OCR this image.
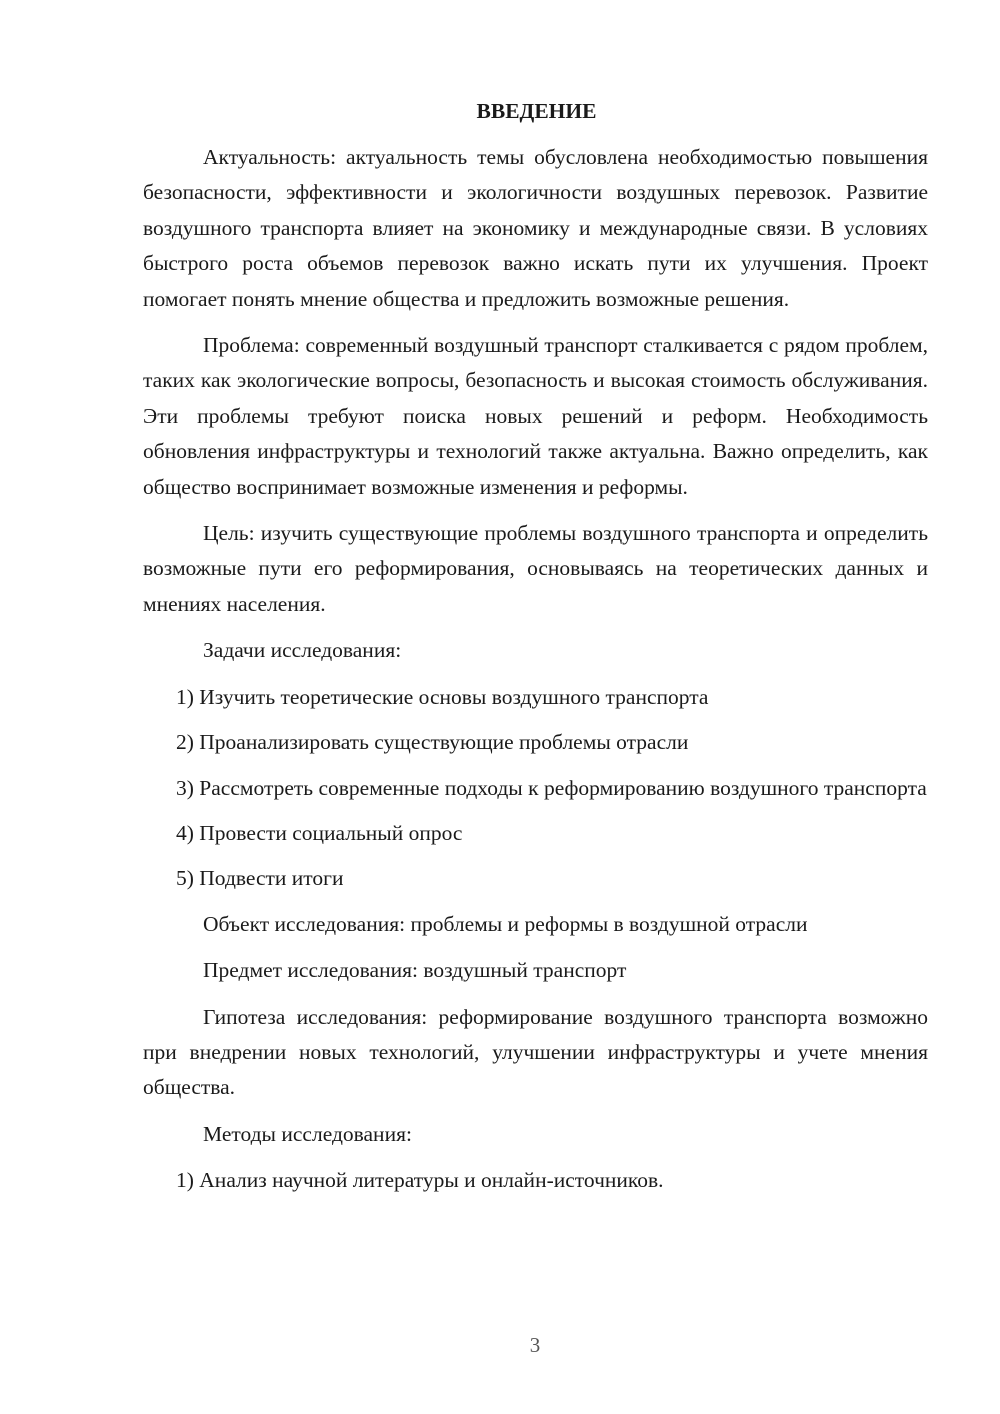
ВВЕДЕНИЕ

Актуальность: актуальность темы обусловлена необходимостью повышения безопасности, эффективности и экологичности воздушных перевозок. Развитие воздушного транспорта влияет на экономику и международные связи. В условиях быстрого роста объемов перевозок важно искать пути их улучшения. Проект помогает понять мнение общества и предложить возможные решения.

Проблема: современный воздушный транспорт сталкивается с рядом проблем, таких как экологические вопросы, безопасность и высокая стоимость обслуживания. Эти проблемы требуют поиска новых решений и реформ. Необходимость обновления инфраструктуры и технологий также актуальна. Важно определить, как общество воспринимает возможные изменения и реформы.

Цель: изучить существующие проблемы воздушного транспорта и определить возможные пути его реформирования, основываясь на теоретических данных и мнениях населения.

Задачи исследования:

1) Изучить теоретические основы воздушного транспорта

2) Проанализировать существующие проблемы отрасли

3) Рассмотреть современные подходы к реформированию воздушного транспорта

4) Провести социальный опрос

5) Подвести итоги

Объект исследования: проблемы и реформы в воздушной отрасли

Предмет исследования: воздушный транспорт

Гипотеза исследования: реформирование воздушного транспорта возможно при внедрении новых технологий, улучшении инфраструктуры и учете мнения общества.

Методы исследования:

1) Анализ научной литературы и онлайн-источников.

3
